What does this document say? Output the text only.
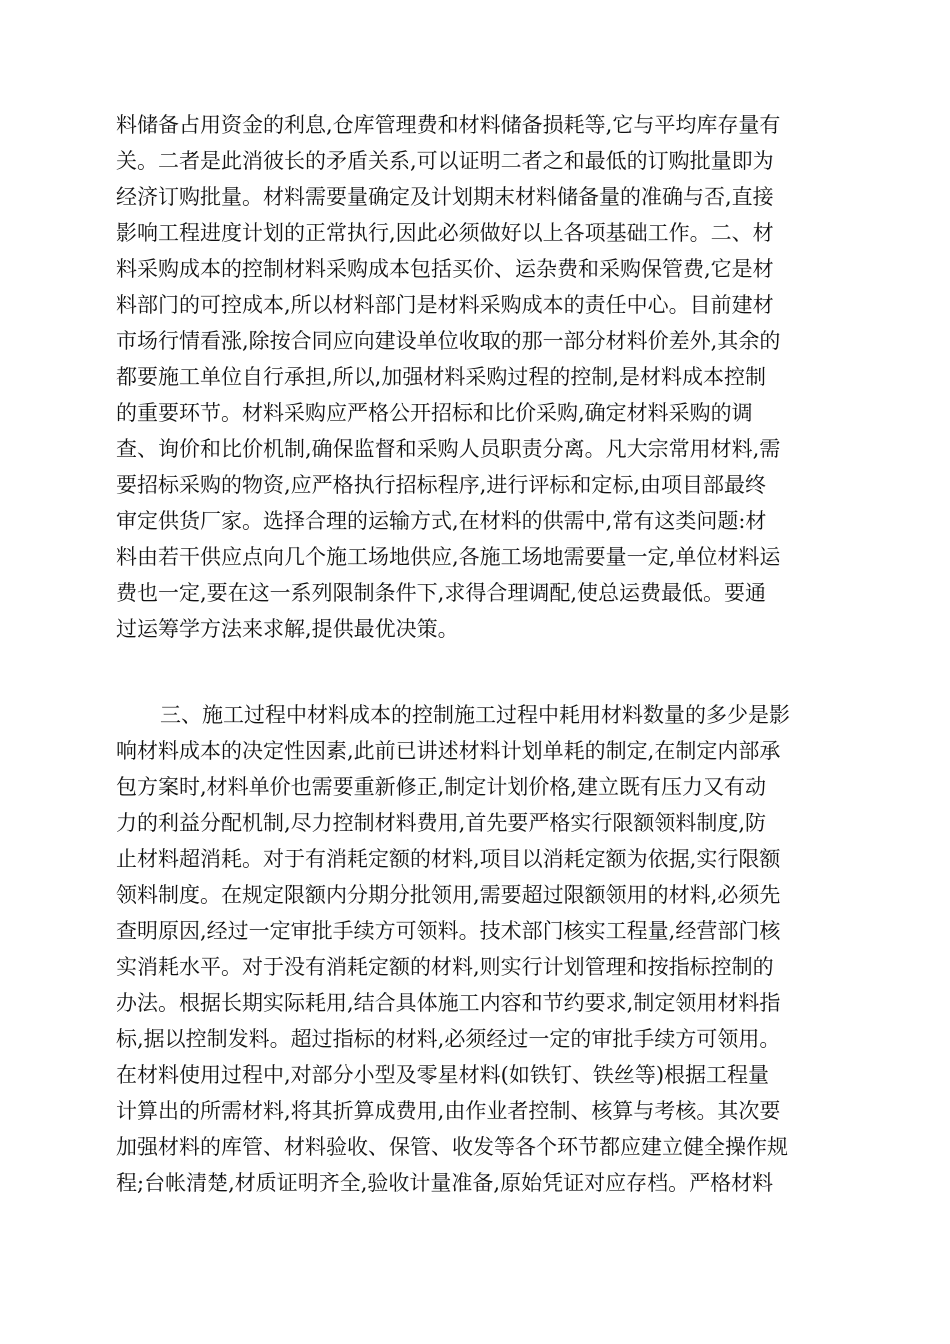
料储备占用资金的利息,仓库管理费和材料储备损耗等,它与平均库存量有
关。二者是此消彼长的矛盾关系,可以证明二者之和最低的订购批量即为
经济订购批量。材料需要量确定及计划期末材料储备量的准确与否,直接
影响工程进度计划的正常执行,因此必须做好以上各项基础工作。二、材
料采购成本的控制材料采购成本包括买价、运杂费和采购保管费,它是材
料部门的可控成本,所以材料部门是材料采购成本的责任中心。目前建材
市场行情看涨,除按合同应向建设单位收取的那一部分材料价差外,其余的
都要施工单位自行承担,所以,加强材料采购过程的控制,是材料成本控制
的重要环节。材料采购应严格公开招标和比价采购,确定材料采购的调
查、询价和比价机制,确保监督和采购人员职责分离。凡大宗常用材料,需
要招标采购的物资,应严格执行招标程序,进行评标和定标,由项目部最终
审定供货厂家。选择合理的运输方式,在材料的供需中,常有这类问题:材
料由若干供应点向几个施工场地供应,各施工场地需要量一定,单位材料运
费也一定,要在这一系列限制条件下,求得合理调配,使总运费最低。要通
过运筹学方法来求解,提供最优决策。
三、施工过程中材料成本的控制施工过程中耗用材料数量的多少是影
响材料成本的决定性因素,此前已讲述材料计划单耗的制定,在制定内部承
包方案时,材料单价也需要重新修正,制定计划价格,建立既有压力又有动
力的利益分配机制,尽力控制材料费用,首先要严格实行限额领料制度,防
止材料超消耗。对于有消耗定额的材料,项目以消耗定额为依据,实行限额
领料制度。在规定限额内分期分批领用,需要超过限额领用的材料,必须先
查明原因,经过一定审批手续方可领料。技术部门核实工程量,经营部门核
实消耗水平。对于没有消耗定额的材料,则实行计划管理和按指标控制的
办法。根据长期实际耗用,结合具体施工内容和节约要求,制定领用材料指
标,据以控制发料。超过指标的材料,必须经过一定的审批手续方可领用。
在材料使用过程中,对部分小型及零星材料(如铁钉、铁丝等)根据工程量
计算出的所需材料,将其折算成费用,由作业者控制、核算与考核。其次要
加强材料的库管、材料验收、保管、收发等各个环节都应建立健全操作规
程;台帐清楚,材质证明齐全,验收计量准备,原始凭证对应存档。严格材料
